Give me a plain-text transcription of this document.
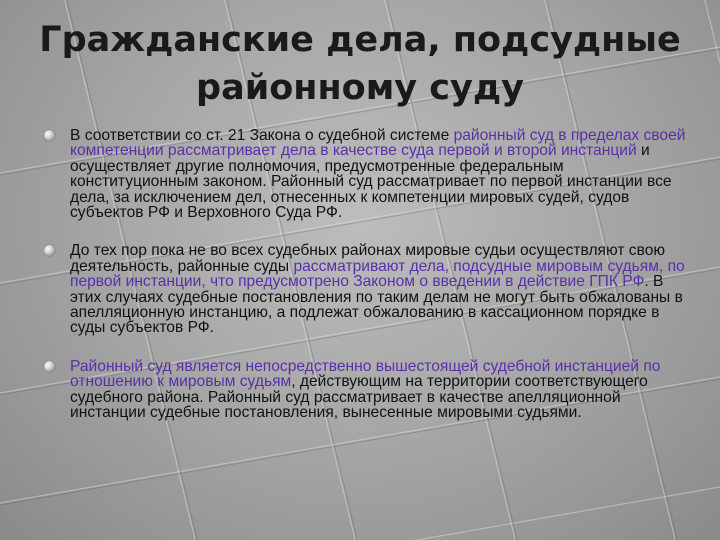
Гражданские дела, подсудные
районному суду
В соответствии со ст. 21 Закона о судебной системе районный суд в пределах своей компетенции рассматривает дела в качестве суда первой и второй инстанций и осуществляет другие полномочия, предусмотренные федеральным конституционным законом. Районный суд рассматривает по первой инстанции все дела, за исключением дел, отнесенных к компетенции мировых судей, судов субъектов РФ и Верховного Суда РФ.
До тех пор пока не во всех судебных районах мировые судьи осуществляют свою деятельность, районные суды рассматривают дела, подсудные мировым судьям, по первой инстанции, что предусмотрено Законом о введении в действие ГПК РФ. В этих случаях судебные постановления по таким делам не могут быть обжалованы в апелляционную инстанцию, а подлежат обжалованию в кассационном порядке в суды субъектов РФ.
Районный суд является непосредственно вышестоящей судебной инстанцией по отношению к мировым судьям, действующим на территории соответствующего судебного района. Районный суд рассматривает в качестве апелляционной инстанции судебные постановления, вынесенные мировыми судьями.
